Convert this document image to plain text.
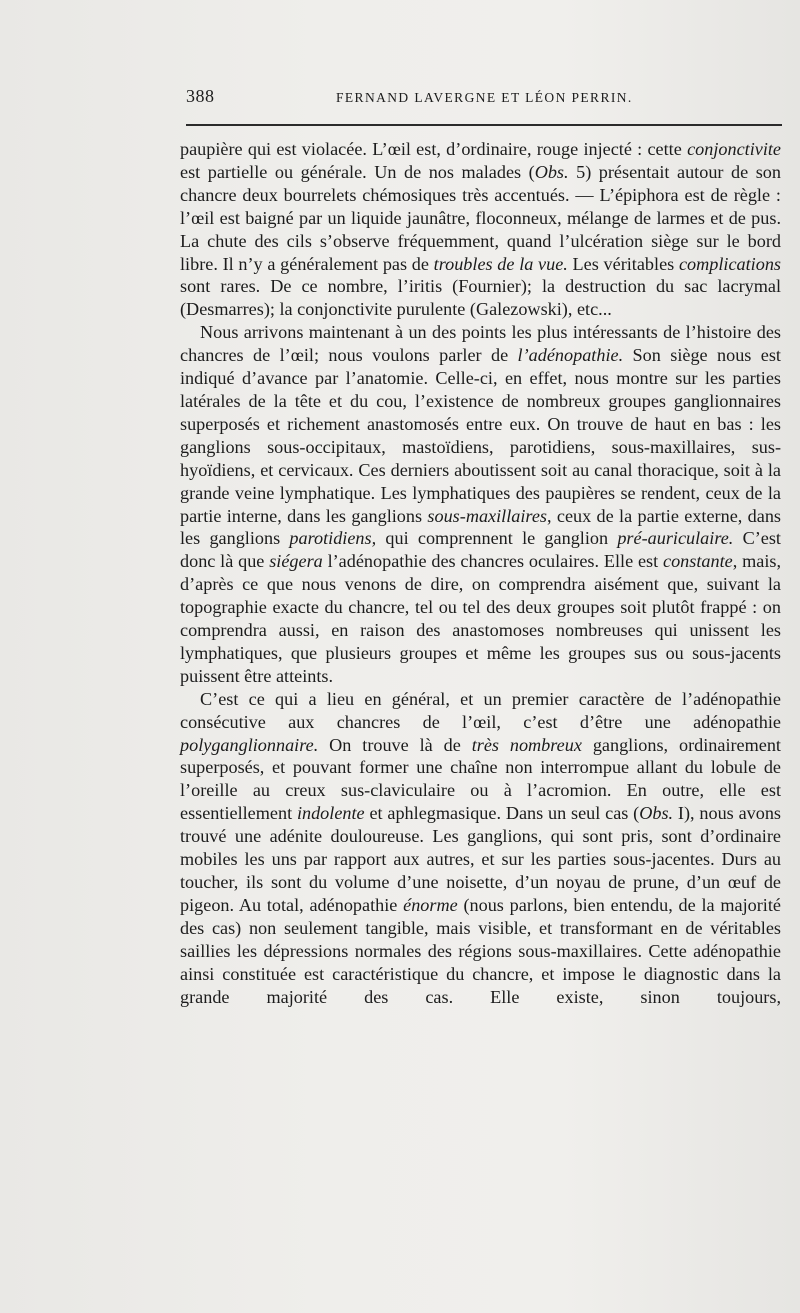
388	FERNAND LAVERGNE ET LÉON PERRIN.

paupière qui est violacée. L’œil est, d’ordinaire, rouge injecté : cette conjonctivite est partielle ou générale. Un de nos malades (Obs. 5) présentait autour de son chancre deux bourrelets chémosiques très accentués. — L’épiphora est de règle : l’œil est baigné par un liquide jaunâtre, floconneux, mélange de larmes et de pus. La chute des cils s’observe fréquemment, quand l’ulcération siège sur le bord libre. Il n’y a généralement pas de troubles de la vue. Les véritables complications sont rares. De ce nombre, l’iritis (Fournier); la destruction du sac lacrymal (Desmarres); la conjonctivite purulente (Galezowski), etc...

Nous arrivons maintenant à un des points les plus intéressants de l’histoire des chancres de l’œil; nous voulons parler de l’adénopathie. Son siège nous est indiqué d’avance par l’anatomie. Celle-ci, en effet, nous montre sur les parties latérales de la tête et du cou, l’existence de nombreux groupes ganglionnaires superposés et richement anastomosés entre eux. On trouve de haut en bas : les ganglions sous-occipitaux, mastoïdiens, parotidiens, sous-maxillaires, sus-hyoïdiens, et cervicaux. Ces derniers aboutissent soit au canal thoracique, soit à la grande veine lymphatique. Les lymphatiques des paupières se rendent, ceux de la partie interne, dans les ganglions sous-maxillaires, ceux de la partie externe, dans les ganglions parotidiens, qui comprennent le ganglion pré-auriculaire. C’est donc là que siégera l’adénopathie des chancres oculaires. Elle est constante, mais, d’après ce que nous venons de dire, on comprendra aisément que, suivant la topographie exacte du chancre, tel ou tel des deux groupes soit plutôt frappé : on comprendra aussi, en raison des anastomoses nombreuses qui unissent les lymphatiques, que plusieurs groupes et même les groupes sus ou sous-jacents puissent être atteints.

C’est ce qui a lieu en général, et un premier caractère de l’adénopathie consécutive aux chancres de l’œil, c’est d’être une adénopathie polyganglionnaire. On trouve là de très nombreux ganglions, ordinairement superposés, et pouvant former une chaîne non interrompue allant du lobule de l’oreille au creux sus-claviculaire ou à l’acromion. En outre, elle est essentiellement indolente et aphlegmasique. Dans un seul cas (Obs. I), nous avons trouvé une adénite douloureuse. Les ganglions, qui sont pris, sont d’ordinaire mobiles les uns par rapport aux autres, et sur les parties sous-jacentes. Durs au toucher, ils sont du volume d’une noisette, d’un noyau de prune, d’un œuf de pigeon. Au total, adénopathie énorme (nous parlons, bien entendu, de la majorité des cas) non seulement tangible, mais visible, et transformant en de véritables saillies les dépressions normales des régions sous-maxillaires. Cette adénopathie ainsi constituée est caractéristique du chancre, et impose le diagnostic dans la grande majorité des cas. Elle existe, sinon toujours,
